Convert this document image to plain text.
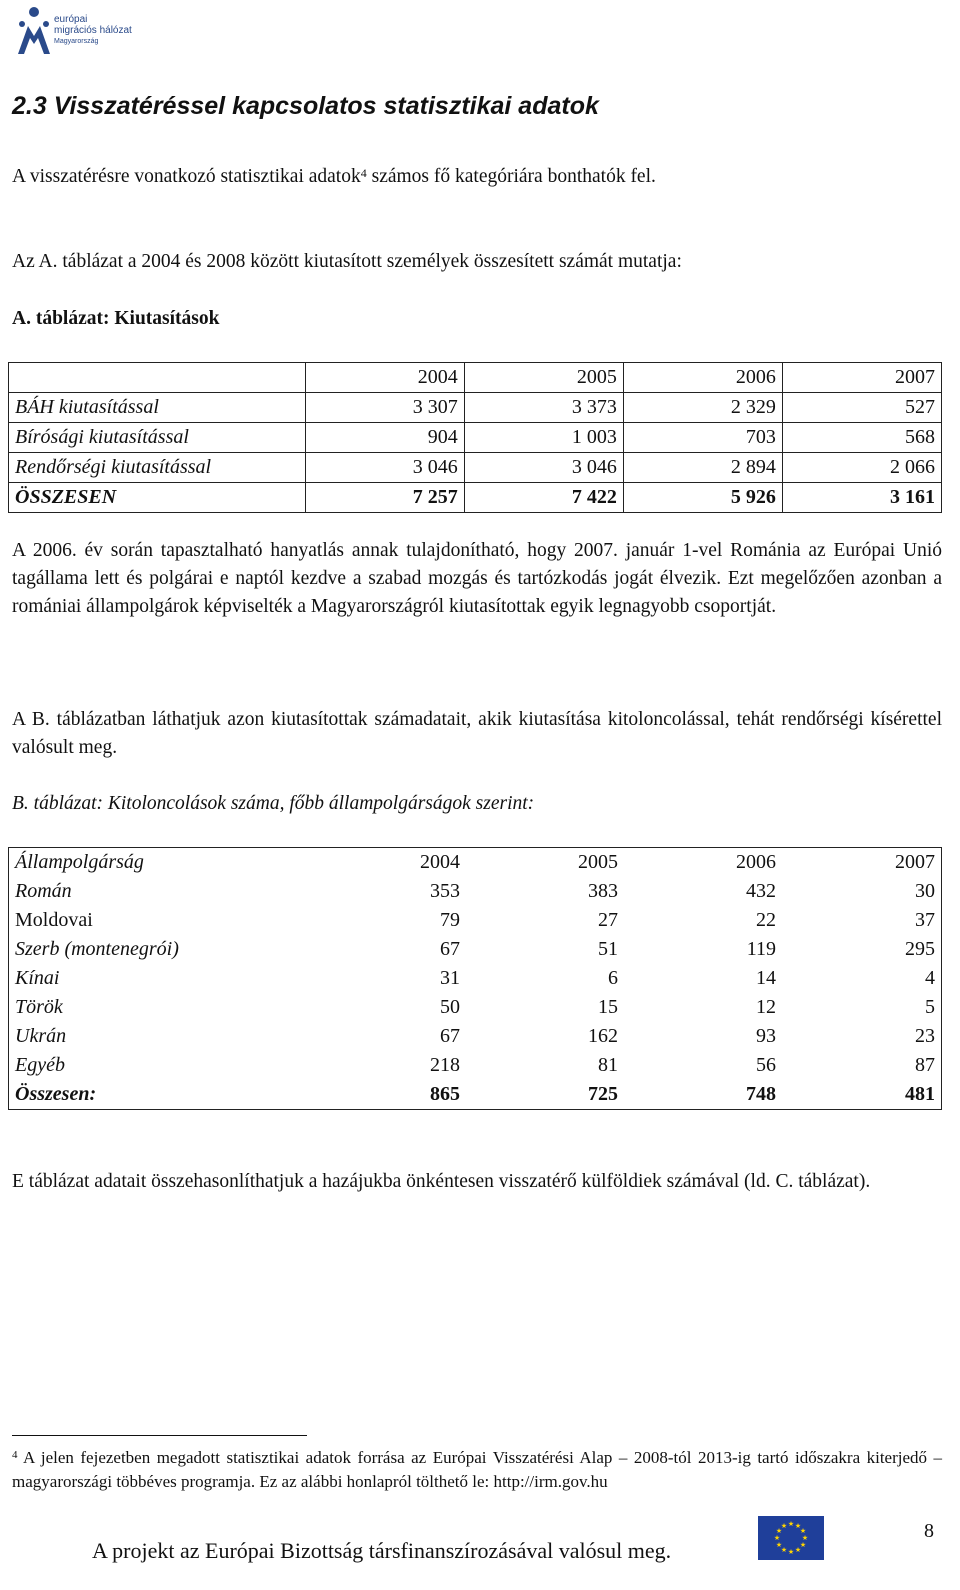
európai
migrációs hálózat
Magyarország
2.3 Visszatéréssel kapcsolatos statisztikai adatok

A visszatérésre vonatkozó statisztikai adatok$^4$ számos fő kategóriára bonthatók fel.

Az A. táblázat a 2004 és 2008 között kiutasított személyek összesített számát mutatja:

A. táblázat: Kiutasítások

	2004	2005	2006	2007
BÁH kiutasítással	3 307	3 373	2 329	527
Bírósági kiutasítással	904	1 003	703	568
Rendőrségi kiutasítással	3 046	3 046	2 894	2 066
ÖSSZESEN	7 257	7 422	5 926	3 161

A 2006. év során tapasztalható hanyatlás annak tulajdonítható, hogy 2007. január 1-vel Románia az Európai Unió tagállama lett és polgárai e naptól kezdve a szabad mozgás és tartózkodás jogát élvezik. Ezt megelőzően azonban a romániai állampolgárok képviselték a Magyarországról kiutasítottak egyik legnagyobb csoportját.

A B. táblázatban láthatjuk azon kiutasítottak számadatait, akik kiutasítása kitoloncolással, tehát rendőrségi kísérettel valósult meg.

B. táblázat: Kitoloncolások száma, főbb állampolgárságok szerint:

Állampolgárság	2004	2005	2006	2007
Román	353	383	432	30
Moldovai	79	27	22	37
Szerb (montenegrói)	67	51	119	295
Kínai	31	6	14	4
Török	50	15	12	5
Ukrán	67	162	93	23
Egyéb	218	81	56	87
Összesen:	865	725	748	481

E táblázat adatait összehasonlíthatjuk a hazájukba önkéntesen visszatérő külföldiek számával (ld. C. táblázat).

$^4$ A jelen fejezetben megadott statisztikai adatok forrása az Európai Visszatérési Alap – 2008-tól 2013-ig tartó időszakra kiterjedő – magyarországi többéves programja. Ez az alábbi honlapról tölthető le: http://irm.gov.hu
A projekt az Európai Bizottság társfinanszírozásával valósul meg.
★ ★
★
★
★
★
★
★
★
★
★
★	8
